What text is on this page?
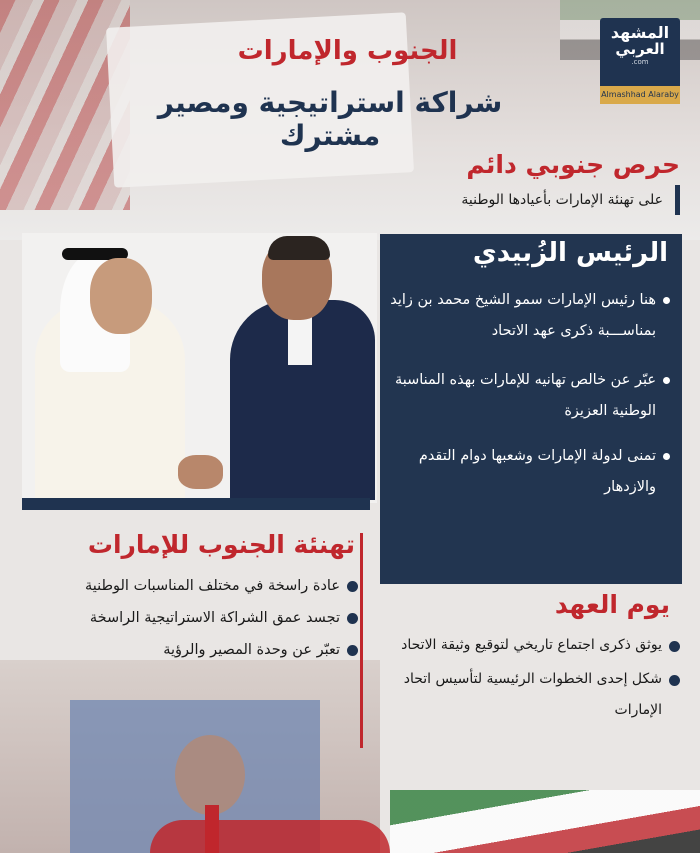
المشهد
العربي
.com
Almashhad Alaraby
الجنوب والإمارات
شراكة استراتيجية ومصير مشترك
حرص جنوبي دائم
على تهنئة الإمارات بأعيادها الوطنية
الرئيس الزُبيدي
هنا رئيس الإمارات سمو الشيخ محمد بن زايد بمناســـبة ذكرى عهد الاتحاد
عبّر عن خالص تهانيه للإمارات بهذه المناسبة الوطنية العزيزة
تمنى لدولة الإمارات وشعبها دوام التقدم والازدهار
تهنئة الجنوب للإمارات
عادة راسخة في مختلف المناسبات الوطنية
تجسد عمق الشراكة الاستراتيجية الراسخة
تعبّر عن وحدة المصير والرؤية
يوم العهد
يوثق ذكرى اجتماع تاريخي لتوقيع وثيقة الاتحاد
شكل إحدى الخطوات الرئيسية لتأسيس اتحاد الإمارات
